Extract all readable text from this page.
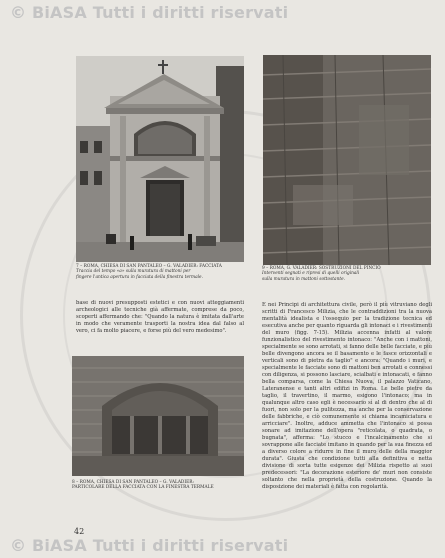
© BiASA Tutti i diritti riservati
7 – ROMA, CHIESA DI SAN PANTALEO – G. VALADIER: FACCIATA
Traccia del tempo «a» sulla muratura di mattoni per
fingere l'antica apertura in facciata della finestra termale.
9 – ROMA, G. VALADIER: SOSTRUZIONI DEL PINCIO
Interventi segnati e ripresi di quelli originali
sulla muratura in mattoni sottostante.
base di nuovi presupposti estetici e con nuovi atteggiamenti archeologici alle tecniche già affermate, comprese da poco, scoperti affermando che: "Quando la natura è imitata dall'arte in modo che veramente trasporti la nostra idea dal falso al vero, ci fa molto piacere, e forse più del vero medesimo".
8 – ROMA, CHIESA DI SAN PANTALEO – G. VALADIER:
PARTICOLARE DELLA FACCIATA CON LA FINESTRA TERMALE
E nei Principi di architettura civile, però il più vitruviano degli scritti di Francesco Milizia, che le contraddizioni tra la nuova mentalità idealista e l'ossequio per la tradizione tecnica ed esecutiva anche per quanto riguarda gli intonaci e i rivestimenti del muro (figg. 7-15). Milizia accenna infatti al valore funzionalistico del rivestimento intonaco: "Anche con i mattoni, specialmente se sono arrotati, si fanno delle belle facciate, e più belle divengono ancora se il basamento e le fasce orizzontali e verticali sono di pietra da taglio" e ancora: "Quando i muri, e specialmente le facciate sono di mattoni ben arrotati e connessi con diligenza, si possono lasciare, scialbati e intonacati, e fanno bella comparsa, come la Chiesa Nuova, il palazzo Vaticano, Lateranense e tanti altri edifizi in Roma. Le belle pietre da taglio, il travertino, il marmo, esigono l'intonaco; ma in qualunque altro caso egli è necessario sì al di dentro che al di fuori, non solo per la pulitezza, ma anche per la conservazione delle fabbriche, e ciò comunemente si chiama incamiciatura e arricciare". Inoltre, adduce ammetta che l'intonaco si possa sonare ad imitazione dell'opera "reticolata, o quadrata, o bugnata", afferma: "Lo stucco e l'incalcinamento che si sovrappone alle facciate imitano in quando per la sua finezza ed a diverso colore a ridurre in fine il muro delle della maggior durata". Giusta che condizione tutti alla definitiva e netta divisione di sorta tutte esigenze dei Milizia rispetto ai suoi predecessori: "La decorazione esteriore de' muri non consiste soltanto che nella proprietà della costruzione. Quando la disposizione dei materiali è fatta con regolarità.
42
© BiASA Tutti i diritti riservati
